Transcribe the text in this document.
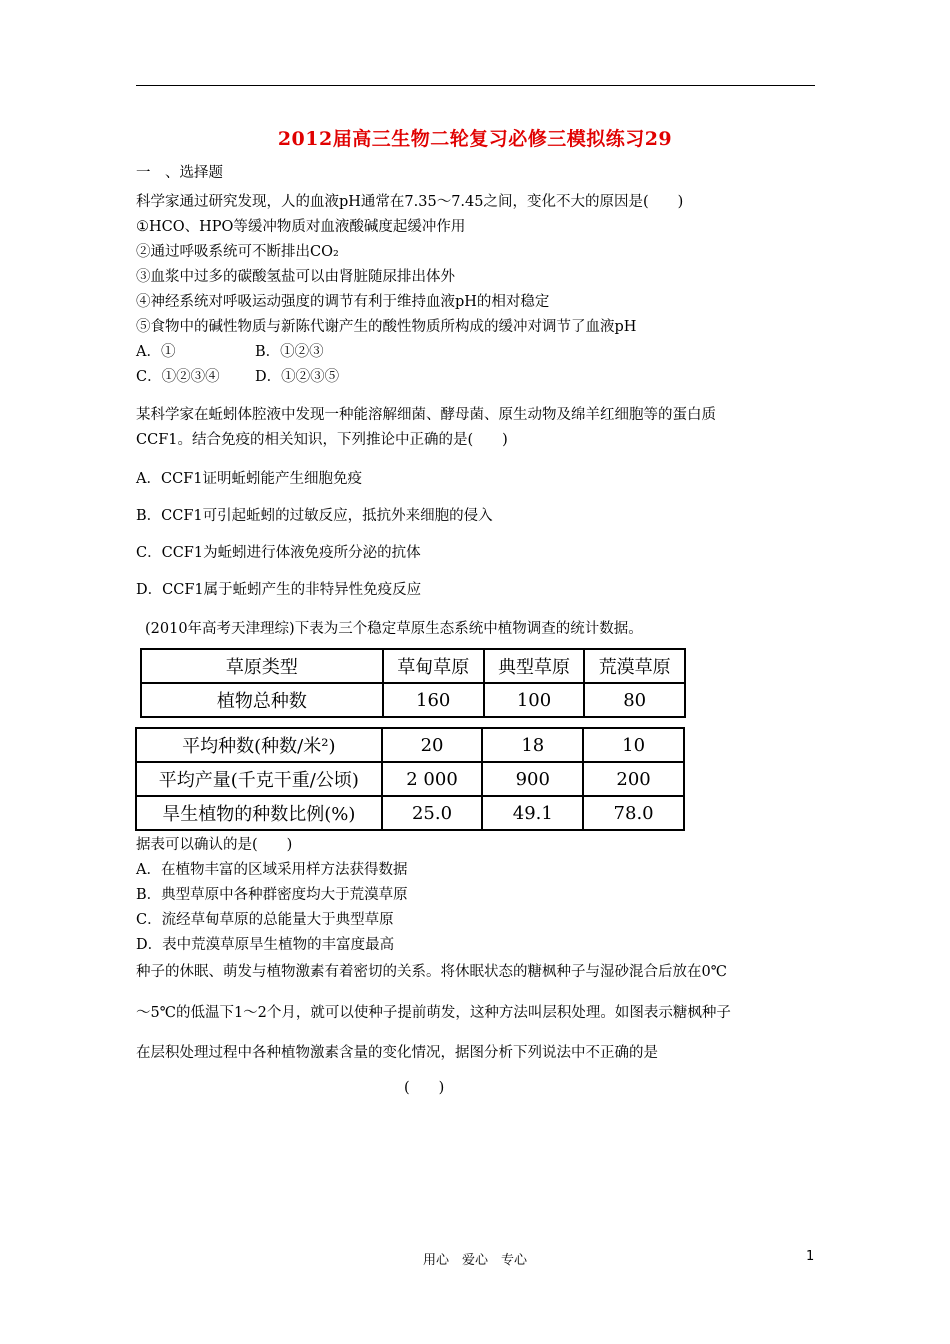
2012届高三生物二轮复习必修三模拟练习29
一　、选择题
科学家通过研究发现，人的血液pH通常在7.35～7.45之间，变化不大的原因是(　　)
①HCO、HPO等缓冲物质对血液酸碱度起缓冲作用
②通过呼吸系统可不断排出CO₂
③血浆中过多的碳酸氢盐可以由肾脏随尿排出体外
④神经系统对呼吸运动强度的调节有利于维持血液pH的相对稳定
⑤食物中的碱性物质与新陈代谢产生的酸性物质所构成的缓冲对调节了血液pH
A．①	B．①②③
C．①②③④ D．①②③⑤
某科学家在蚯蚓体腔液中发现一种能溶解细菌、酵母菌、原生动物及绵羊红细胞等的蛋白质
CCF1。结合免疫的相关知识，下列推论中正确的是(　　)
A．CCF1证明蚯蚓能产生细胞免疫
B．CCF1可引起蚯蚓的过敏反应，抵抗外来细胞的侵入
C．CCF1为蚯蚓进行体液免疫所分泌的抗体
D．CCF1属于蚯蚓产生的非特异性免疫反应
(2010年高考天津理综)下表为三个稳定草原生态系统中植物调查的统计数据。
草原类型	草甸草原	典型草原	荒漠草原
植物总种数	160	100	80
平均种数(种数/米²)	20	18	10
平均产量(千克干重/公顷)	2 000	900	200
旱生植物的种数比例(%)	25.0	49.1	78.0
据表可以确认的是(　　)
A．在植物丰富的区域采用样方法获得数据
B．典型草原中各种群密度均大于荒漠草原
C．流经草甸草原的总能量大于典型草原
D．表中荒漠草原旱生植物的丰富度最高
种子的休眠、萌发与植物激素有着密切的关系。将休眠状态的糖枫种子与湿砂混合后放在0℃
～5℃的低温下1～2个月，就可以使种子提前萌发，这种方法叫层积处理。如图表示糖枫种子
在层积处理过程中各种植物激素含量的变化情况，据图分析下列说法中不正确的是
(　　)
用心　爱心　专心	1
